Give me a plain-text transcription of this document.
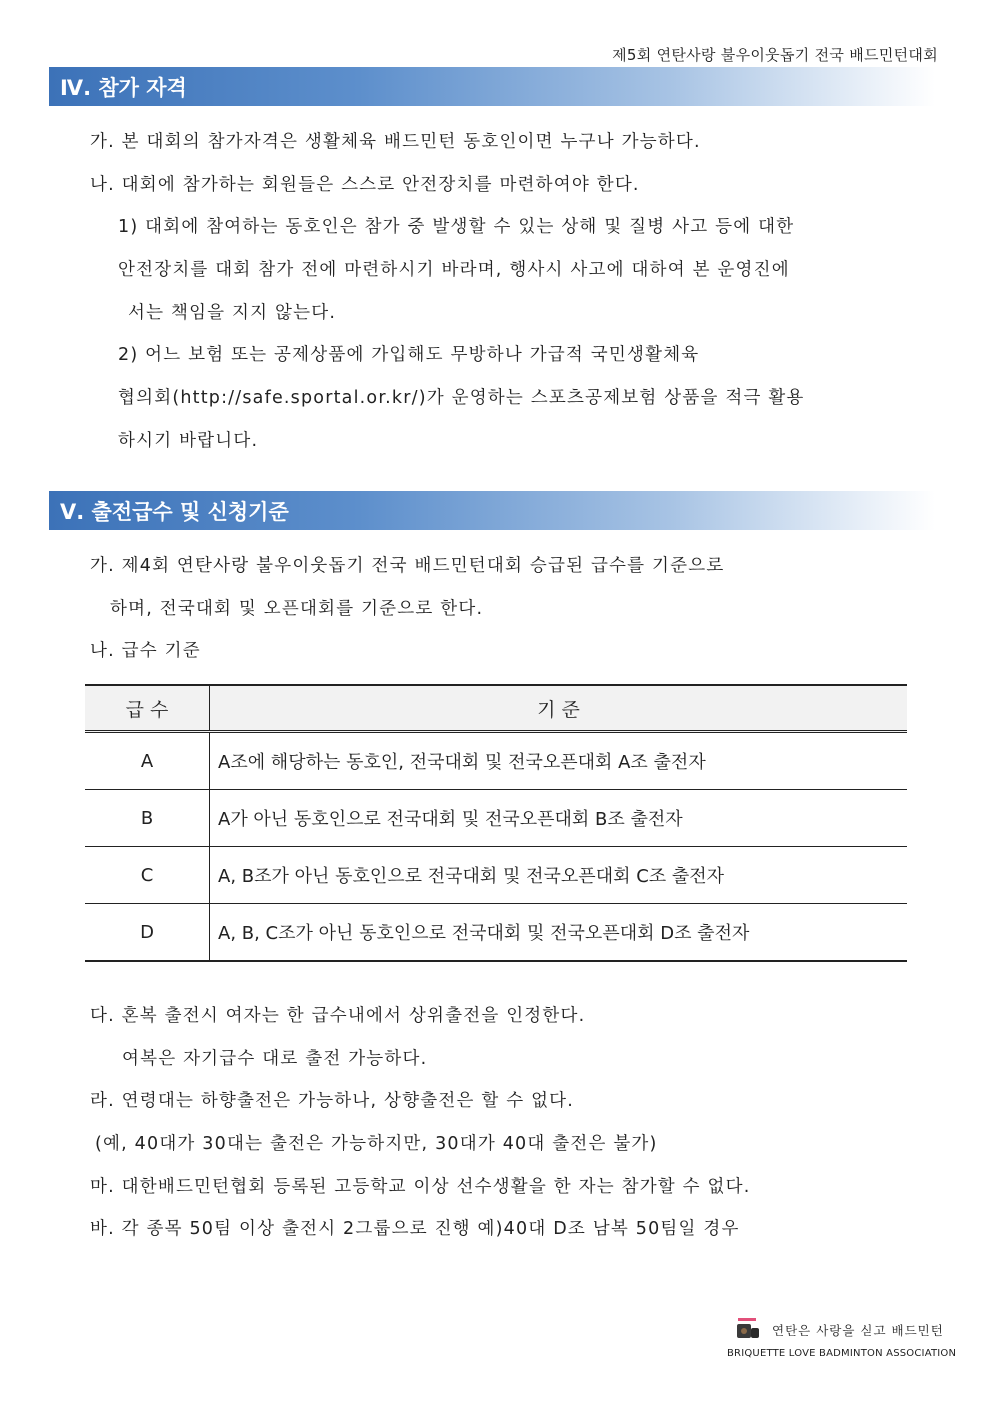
제5회 연탄사랑 불우이웃돕기 전국 배드민턴대회
Ⅳ. 참가 자격
가. 본 대회의 참가자격은 생활체육 배드민턴 동호인이면 누구나 가능하다.
나. 대회에 참가하는 회원들은 스스로 안전장치를 마련하여야 한다.
1) 대회에 참여하는 동호인은 참가 중 발생할 수 있는 상해 및 질병 사고 등에 대한
안전장치를 대회 참가 전에 마련하시기 바라며, 행사시 사고에 대하여 본 운영진에
서는 책임을 지지 않는다.
2) 어느 보험 또는 공제상품에 가입해도 무방하나 가급적 국민생활체육
협의회(http://safe.sportal.or.kr/)가 운영하는 스포츠공제보험 상품을 적극 활용
하시기 바랍니다.
Ⅴ. 출전급수 및 신청기준
가. 제4회 연탄사랑 불우이웃돕기 전국 배드민턴대회 승급된 급수를 기준으로
하며, 전국대회 및 오픈대회를 기준으로 한다.
나. 급수 기준
급 수	기 준
A	A조에 해당하는 동호인, 전국대회 및 전국오픈대회 A조 출전자
B	A가 아닌 동호인으로 전국대회 및 전국오픈대회 B조 출전자
C	A, B조가 아닌 동호인으로 전국대회 및 전국오픈대회 C조 출전자
D	A, B, C조가 아닌 동호인으로 전국대회 및 전국오픈대회 D조 출전자
다. 혼복 출전시 여자는 한 급수내에서 상위출전을 인정한다.
여복은 자기급수 대로 출전 가능하다.
라. 연령대는 하향출전은 가능하나, 상향출전은 할 수 없다.
(예, 40대가 30대는 출전은 가능하지만, 30대가 40대 출전은 불가)
마. 대한배드민턴협회 등록된 고등학교 이상 선수생활을 한 자는 참가할 수 없다.
바. 각 종목 50팀 이상 출전시 2그룹으로 진행 예)40대 D조 남복 50팀일 경우
연탄은 사랑을 싣고 배드민턴
BRIQUETTE LOVE BADMINTON ASSOCIATION
